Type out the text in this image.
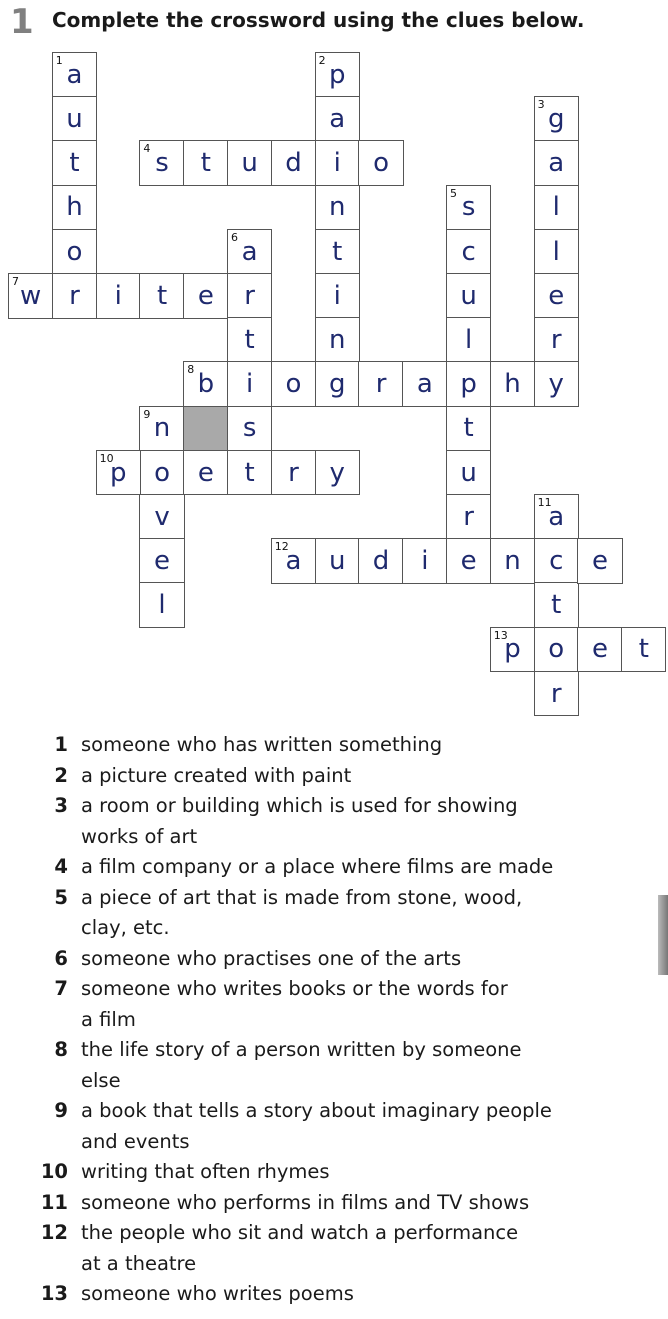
1 Complete the crossword using the clues below.
1 a
u
t
h
o
r
2 p
a
i
n
t
i
n
g
3 g
a
l
l
e
r
y
4 s	t	u	d	o
5 s
c
u
l
p
t
u
r
e
6 a
r
t
i
s
t
7 w	i	t	e
8 b	o	r	a	h
9 n
o
v
e
l
10
p	e	r	y
11
a
c
t
o
r
12
a	u	d	i	n	e
13
p	e	t
1 someone who has written something
2 a picture created with paint
3 a room or building which is used for showing
works of art
4 a film company or a place where films are made
5 a piece of art that is made from stone, wood,
clay, etc.
6 someone who practises one of the arts
7 someone who writes books or the words for
a film
8 the life story of a person written by someone
else
9 a book that tells a story about imaginary people
and events
10 writing that often rhymes
11 someone who performs in films and TV shows
12 the people who sit and watch a performance
at a theatre
13 someone who writes poems
